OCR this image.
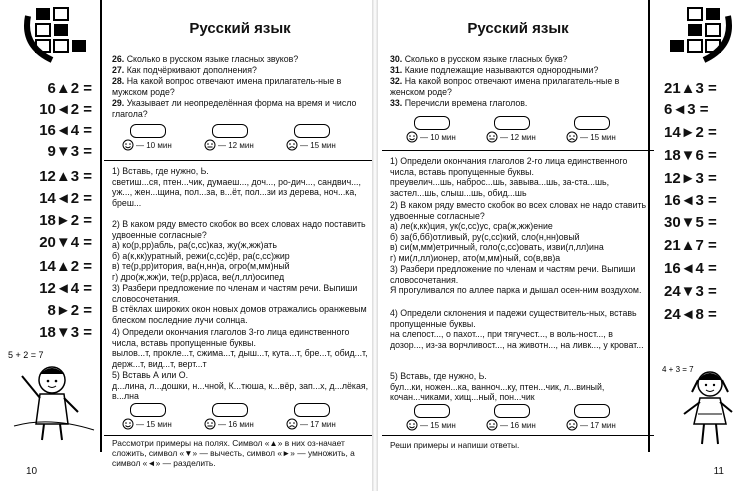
6▲2 =
10◄2 =
16◄4 =
9▼3 =
12▲3 =
14◄2 =
18►2 =
20▼4 =
14▲2 =
12◄4 =
8►2 =
18▼3 =
5 + 2 = 7
Русский язык
26. Сколько в русском языке гласных звуков?
27. Как подчёркивают дополнения?
28. На какой вопрос отвечают имена прилагатель-ные в мужском роде?
29. Указывает ли неопределённая форма на время и число глагола?
— 10 мин	— 12 мин	— 15 мин

1) Вставь, где нужно, Ь.

светиш...ся, птен...чик, думаеш..., доч..., ро-дич..., сандвич..., уж..., жен...щина, пол...за, в...ёт, пол...зи из дерева, ноч...ка, бреш...

2) В каком ряду вместо скобок во всех словах надо поставить удвоенные согласные?

а) ко(р,рр)абль, ра(с,сс)каз, жу(ж,жж)ать

б) а(к,кк)уратный, режи(с,сс)ёр, ра(с,сс)жир

в) те(р,рр)итория, ва(н,нн)а, огро(м,мм)ный

г) дро(ж,жж)и, те(р,рр)аса, ве(л,лл)осипед

3) Разбери предложение по членам и частям речи. Выпиши словосочетания.

В стёклах широких окон новых домов отражались оранжевым блеском последние лучи солнца.

4) Определи окончания глаголов 3-го лица единственного числа, вставь пропущенные буквы.

вылов...т, прокле...т, сжима...т, дыш...т, кута...т, брe...т, обид...т, держ...т, вид...т, верт...т

5) Вставь А или О.

д...лина, л...дошки, н...чной, К...тюша, к...вёр, зап...х, д...лёкая, в...лна

— 15 мин	— 16 мин	— 17 мин
Рассмотри примеры на полях. Символ «▲» в них оз-начает сложить, символ «▼» — вычесть, символ «►» — умножить, а символ «◄» — разделить.
10
Русский язык
30. Сколько в русском языке гласных букв?
31. Какие подлежащие называются однородными?
32. На какой вопрос отвечают имена прилагатель-ные в женском роде?
33. Перечисли времена глаголов.
— 10 мин	— 12 мин	— 15 мин

1) Определи окончания глаголов 2-го лица единственного числа, вставь пропущенные буквы.

преувелич...шь, наброс...шь, завыва...шь, за-ста...шь, застел...шь, слыш...шь, обид...шь

2) В каком ряду вместо скобок во всех словах не надо ставить удвоенные согласные?

а) ле(к,кк)ция, ук(с,сс)ус, сра(ж,жж)ение

б) за(б,бб)отливый, ру(с,сс)кий, сло(н,нн)овый

в) си(м,мм)етричный, голо(с,сс)овать, изви(л,лл)ина

г) ми(л,лл)ионер, ато(м,мм)ный, со(в,вв)а

3) Разбери предложение по членам и частям речи. Выпиши словосочетания.

Я прогуливался по аллее парка и дышал осен-ним воздухом.

4) Определи склонения и падежи существитель-ных, вставь пропущенные буквы.

на слепост..., о пахот..., при тягучест..., в воль-ност..., в дозор..., из-за ворчливост..., на животн..., на ливк..., у кроват...

5) Вставь, где нужно, Ь.

бул...ки, ножен...ка, ванноч...ку, птен...чик, л...виный, кочан...чиками, хищ...ный, пон...чик

— 15 мин	— 16 мин	— 17 мин
Реши примеры и напиши ответы.
21▲3 =
6◄3 =
14►2 =
18▼6 =
12►3 =
16◄3 =
30▼5 =
21▲7 =
16◄4 =
24▼3 =
24◄8 =
4 + 3 = 7
11
